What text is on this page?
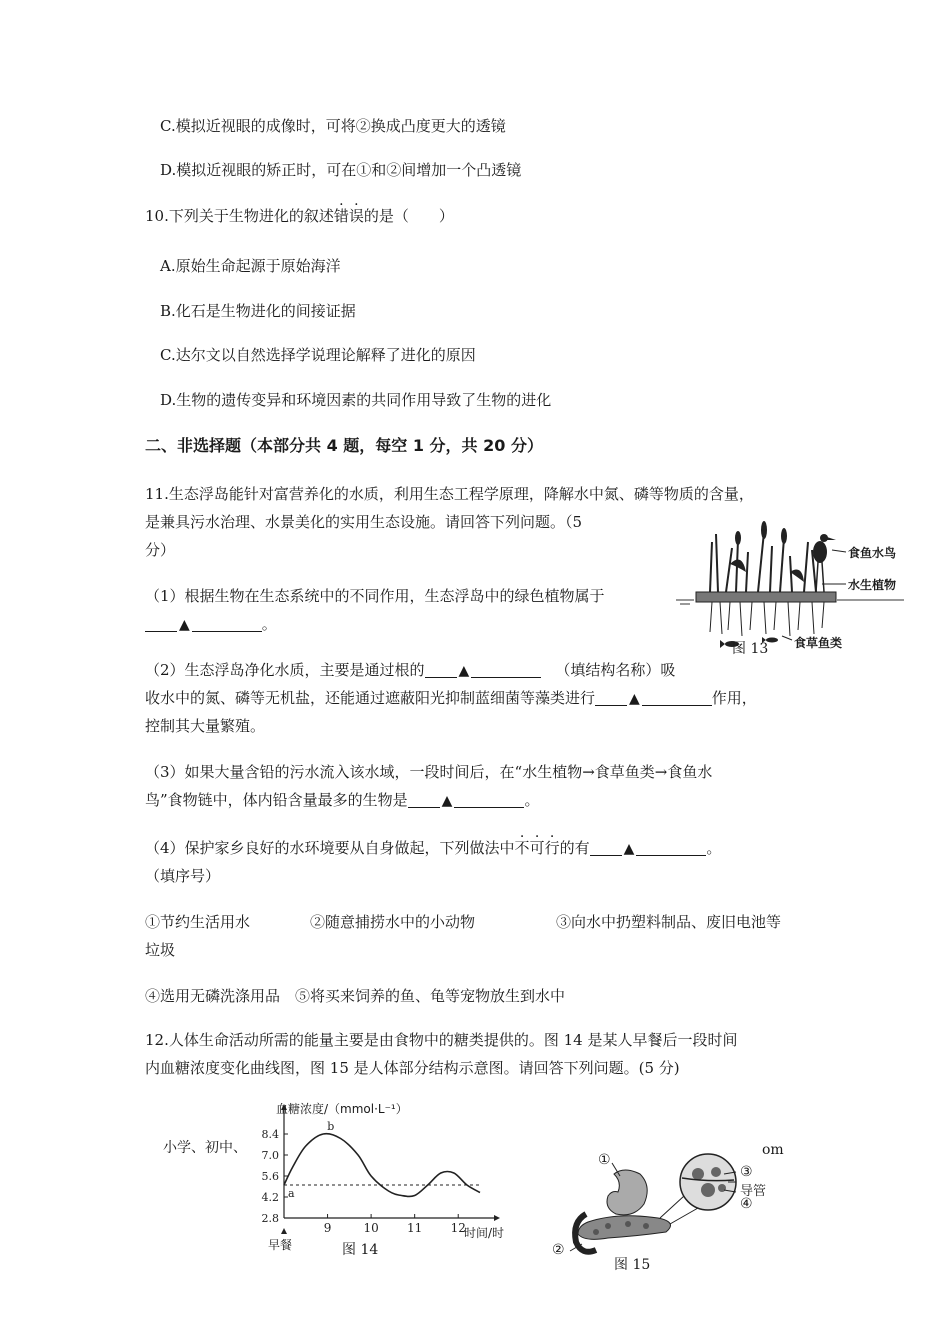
C.模拟近视眼的成像时，可将②换成凸度更大的透镜
D.模拟近视眼的矫正时，可在①和②间增加一个凸透镜
10.下列关于生物进化的叙述错误的是（　　）
A.原始生命起源于原始海洋
B.化石是生物进化的间接证据
C.达尔文以自然选择学说理论解释了进化的原因
D.生物的遗传变异和环境因素的共同作用导致了生物的进化
二、非选择题（本部分共 4 题，每空 1 分，共 20 分）
11.生态浮岛能针对富营养化的水质，利用生态工程学原理，降解水中氮、磷等物质的含量，
是兼具污水治理、水景美化的实用生态设施。请回答下列问题。（5
分）
（1）根据生物在生态系统中的不同作用，生态浮岛中的绿色植物属于
▲	。
（2）生态浮岛净化水质，主要是通过根的 ▲	（填结构名称）吸
收水中的氮、磷等无机盐，还能通过遮蔽阳光抑制蓝细菌等藻类进行 ▲	作用，
控制其大量繁殖。
（3）如果大量含铅的污水流入该水域，一段时间后，在“水生植物→食草鱼类→食鱼水
鸟”食物链中，体内铅含量最多的生物是 ▲	。
（4）保护家乡良好的水环境要从自身做起，下列做法中不可行的有 ▲	。
（填序号）
①节约生活用水	②随意捕捞水中的小动物	③向水中扔塑料制品、废旧电池等
垃圾
④选用无磷洗涤用品　⑤将买来饲养的鱼、龟等宠物放生到水中
食鱼水鸟
水生植物
食草鱼类
图 13
12.人体生命活动所需的能量主要是由食物中的糖类提供的。图 14 是某人早餐后一段时间
内血糖浓度变化曲线图，图 15 是人体部分结构示意图。请回答下列问题。(5 分)
小学、初中、	om
2.8
4.2
5.6
7.0
8.4
9	10 11 12
a
b
血糖浓度/（mmol·L⁻¹）
时间/时
早餐	图 14
①
②
③
导管
④
图 15
